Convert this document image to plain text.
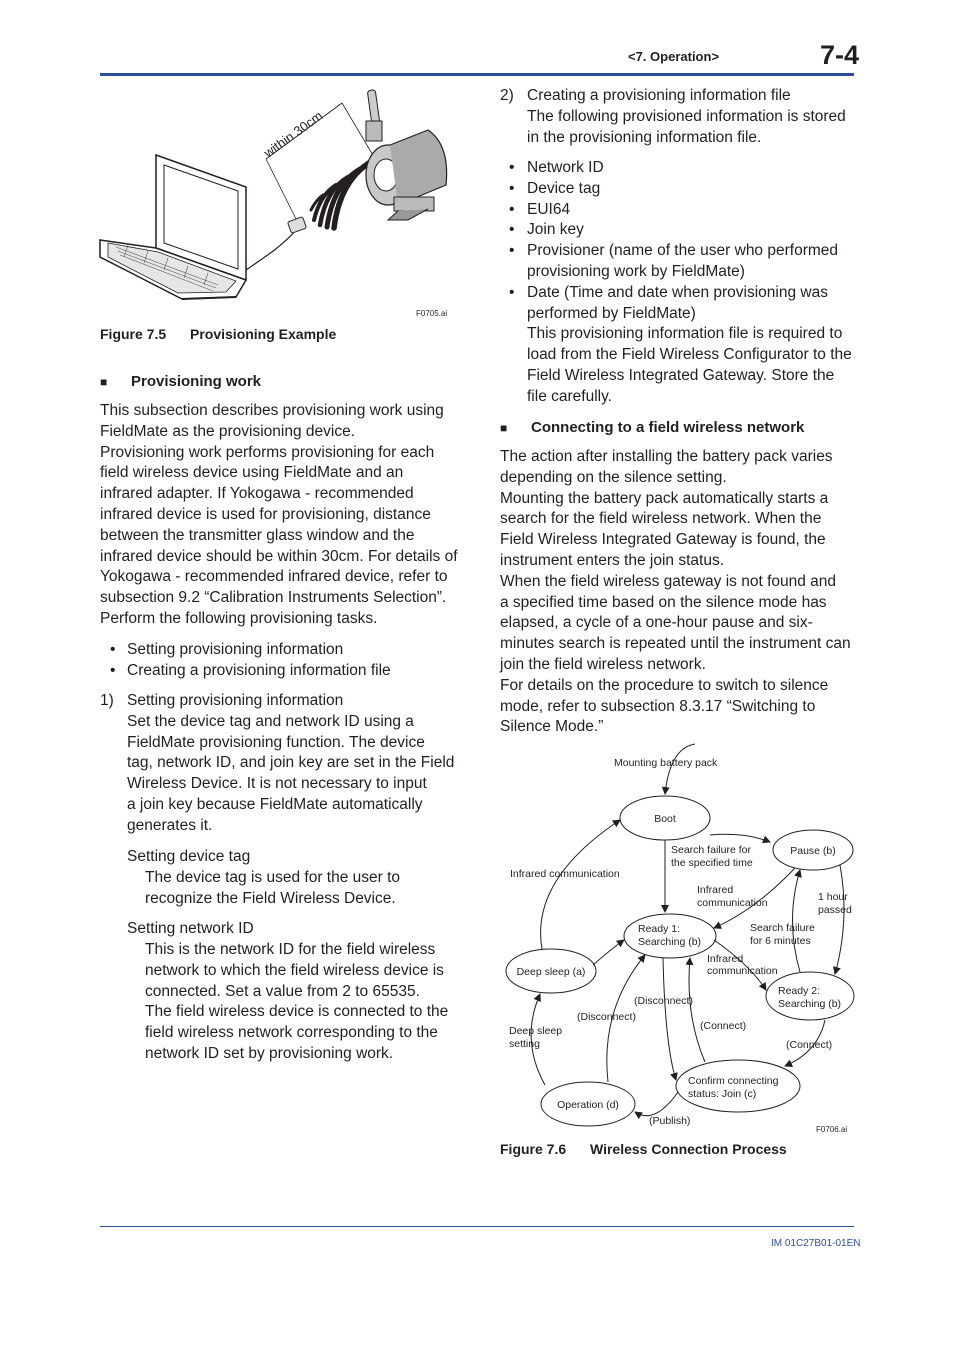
<7. Operation>	7-4
within 30cm
F0705.ai
Figure 7.5 Provisioning Example
■ Provisioning work
This subsection describes provisioning work using
FieldMate as the provisioning device.
Provisioning work performs provisioning for each
field wireless device using FieldMate and an
infrared adapter. If Yokogawa - recommended
infrared device is used for provisioning, distance
between the transmitter glass window and the
infrared device should be within 30cm. For details of
Yokogawa - recommended infrared device, refer to
subsection 9.2 “Calibration Instruments Selection”.
Perform the following provisioning tasks.
• Setting provisioning information
• Creating a provisioning information file
1) Setting provisioning information
Set the device tag and network ID using a
FieldMate provisioning function. The device
tag, network ID, and join key are set in the Field
Wireless Device. It is not necessary to input
a join key because FieldMate automatically
generates it.
Setting device tag
The device tag is used for the user to
recognize the Field Wireless Device.
Setting network ID
This is the network ID for the field wireless
network to which the field wireless device is
connected. Set a value from 2 to 65535.
The field wireless device is connected to the
field wireless network corresponding to the
network ID set by provisioning work.
2) Creating a provisioning information file
The following provisioned information is stored
in the provisioning information file.
• Network ID
• Device tag
• EUI64
• Join key
• Provisioner (name of the user who performed
provisioning work by FieldMate)
• Date (Time and date when provisioning was
performed by FieldMate)
This provisioning information file is required to
load from the Field Wireless Configurator to the
Field Wireless Integrated Gateway. Store the
file carefully.
■ Connecting to a field wireless network
The action after installing the battery pack varies
depending on the silence setting.
Mounting the battery pack automatically starts a
search for the field wireless network. When the
Field Wireless Integrated Gateway is found, the
instrument enters the join status.
When the field wireless gateway is not found and
a specified time based on the silence mode has
elapsed, a cycle of a one-hour pause and six-
minutes search is repeated until the instrument can
join the field wireless network.
For details on the procedure to switch to silence
mode, refer to subsection 8.3.17 “Switching to
Silence Mode.”
Mounting battery pack
Boot
Pause (b)
Ready 1:
Searching (b)
Deep sleep (a)
Ready 2:
Searching (b)
Confirm connecting
status: Join (c)
Operation (d)
Search failure for
the specified time
Infrared communication
Infrared
communication	1 hour
passed
Search failure
for 6 minutes
Infrared
communication
(Disconnect)
(Disconnect)
Deep sleep
setting
(Connect)
(Connect)
(Publish)
F0706.ai
Figure 7.6 Wireless Connection Process
IM 01C27B01-01EN
